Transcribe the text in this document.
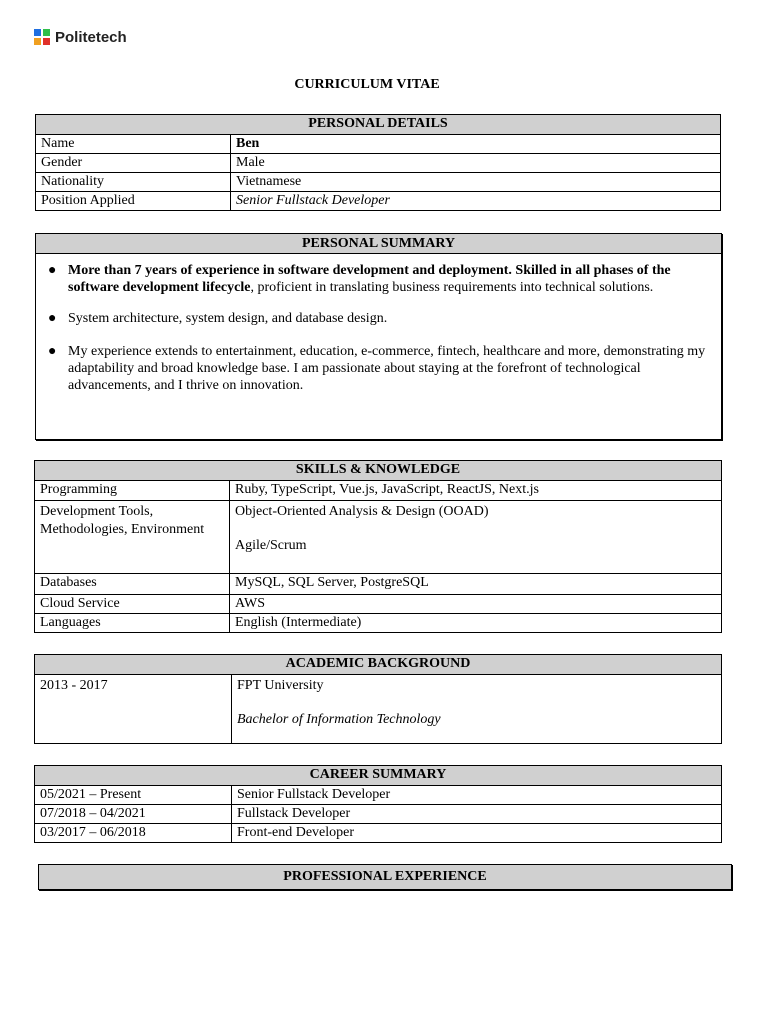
Politetech
CURRICULUM VITAE
PERSONAL DETAILS	
Name	Ben
Gender	Male
Nationality	Vietnamese
Position Applied	Senior Fullstack Developer
PERSONAL SUMMARY
● More than 7 years of experience in software development and deployment. Skilled in all phases of the software development lifecycle, proficient in translating business requirements into technical solutions.
● System architecture, system design, and database design.
● My experience extends to entertainment, education, e-commerce, fintech, healthcare and more, demonstrating my adaptability and broad knowledge base. I am passionate about staying at the forefront of technological advancements, and I thrive on innovation.
SKILLS & KNOWLEDGE	
Programming	Ruby, TypeScript, Vue.js, JavaScript, ReactJS, Next.js
Development Tools, Methodologies, Environment	Object-Oriented Analysis & Design (OOAD)
Agile/Scrum

Databases	MySQL, SQL Server, PostgreSQL
Cloud Service	AWS
Languages	English (Intermediate)
ACADEMIC BACKGROUND
2013 - 2017	FPT University
Bachelor of Information Technology
CAREER SUMMARY	
05/2021 – Present	Senior Fullstack Developer
07/2018 – 04/2021	Fullstack Developer
03/2017 – 06/2018	Front-end Developer
PROFESSIONAL EXPERIENCE
